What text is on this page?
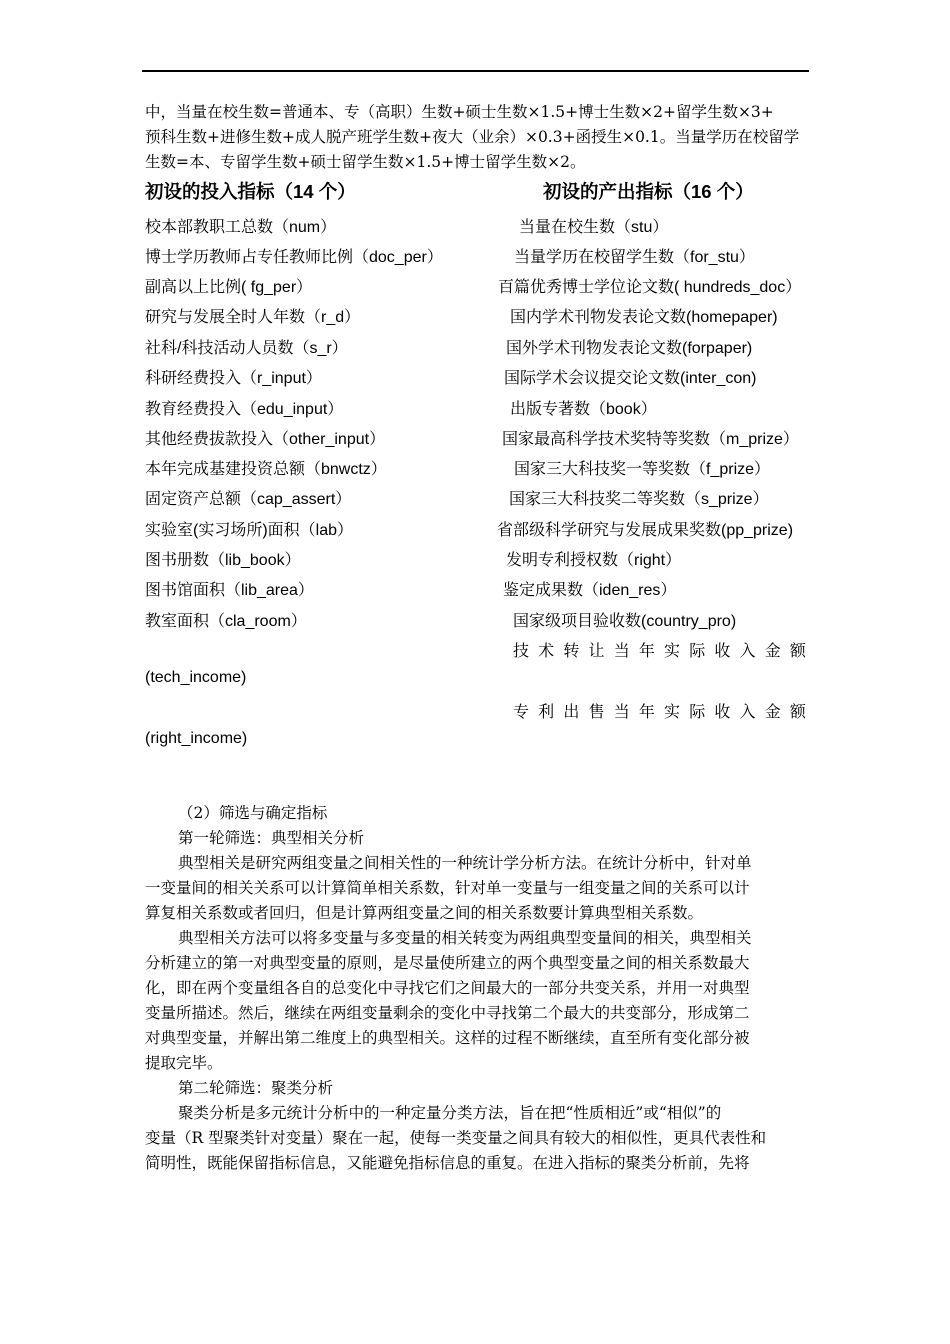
中，当量在校生数=普通本、专（高职）生数+硕士生数×1.5+博士生数×2+留学生数×3+
预科生数+进修生数+成人脱产班学生数+夜大（业余）×0.3+函授生×0.1。当量学历在校留学
生数=本、专留学生数+硕士留学生数×1.5+博士留学生数×2。
初设的投入指标（14 个）	初设的产出指标（16 个）
校本部教职工总数（num）
博士学历教师占专任教师比例（doc_per）
副高以上比例( fg_per）
研究与发展全时人年数（r_d）
社科/科技活动人员数（s_r）
科研经费投入（r_input）
教育经费投入（edu_input）
其他经费拔款投入（other_input）
本年完成基建投资总额（bnwctz）
固定资产总额（cap_assert）
实验室(实习场所)面积（lab）
图书册数（lib_book）
图书馆面积（lib_area）
教室面积（cla_room）
当量在校生数（stu）
当量学历在校留学生数（for_stu）
百篇优秀博士学位论文数( hundreds_doc）
国内学术刊物发表论文数(homepaper)
国外学术刊物发表论文数(forpaper)
国际学术会议提交论文数(inter_con)
出版专著数（book）
国家最高科学技术奖特等奖数（m_prize）
国家三大科技奖一等奖数（f_prize）
国家三大科技奖二等奖数（s_prize）
省部级科学研究与发展成果奖数(pp_prize)
发明专利授权数（right）
鉴定成果数（iden_res）
国家级项目验收数(country_pro)
技 术 转 让 当 年 实 际 收 入 金 额
(tech_income)
专 利 出 售 当 年 实 际 收 入 金 额
(right_income)
（2）筛选与确定指标
第一轮筛选：典型相关分析
典型相关是研究两组变量之间相关性的一种统计学分析方法。在统计分析中，针对单
一变量间的相关关系可以计算简单相关系数，针对单一变量与一组变量之间的关系可以计
算复相关系数或者回归，但是计算两组变量之间的相关系数要计算典型相关系数。
典型相关方法可以将多变量与多变量的相关转变为两组典型变量间的相关，典型相关
分析建立的第一对典型变量的原则，是尽量使所建立的两个典型变量之间的相关系数最大
化，即在两个变量组各自的总变化中寻找它们之间最大的一部分共变关系，并用一对典型
变量所描述。然后，继续在两组变量剩余的变化中寻找第二个最大的共变部分，形成第二
对典型变量，并解出第二维度上的典型相关。这样的过程不断继续，直至所有变化部分被
提取完毕。
第二轮筛选：聚类分析
聚类分析是多元统计分析中的一种定量分类方法，旨在把“性质相近”或“相似”的
变量（R 型聚类针对变量）聚在一起，使每一类变量之间具有较大的相似性，更具代表性和
简明性，既能保留指标信息，又能避免指标信息的重复。在进入指标的聚类分析前，先将
